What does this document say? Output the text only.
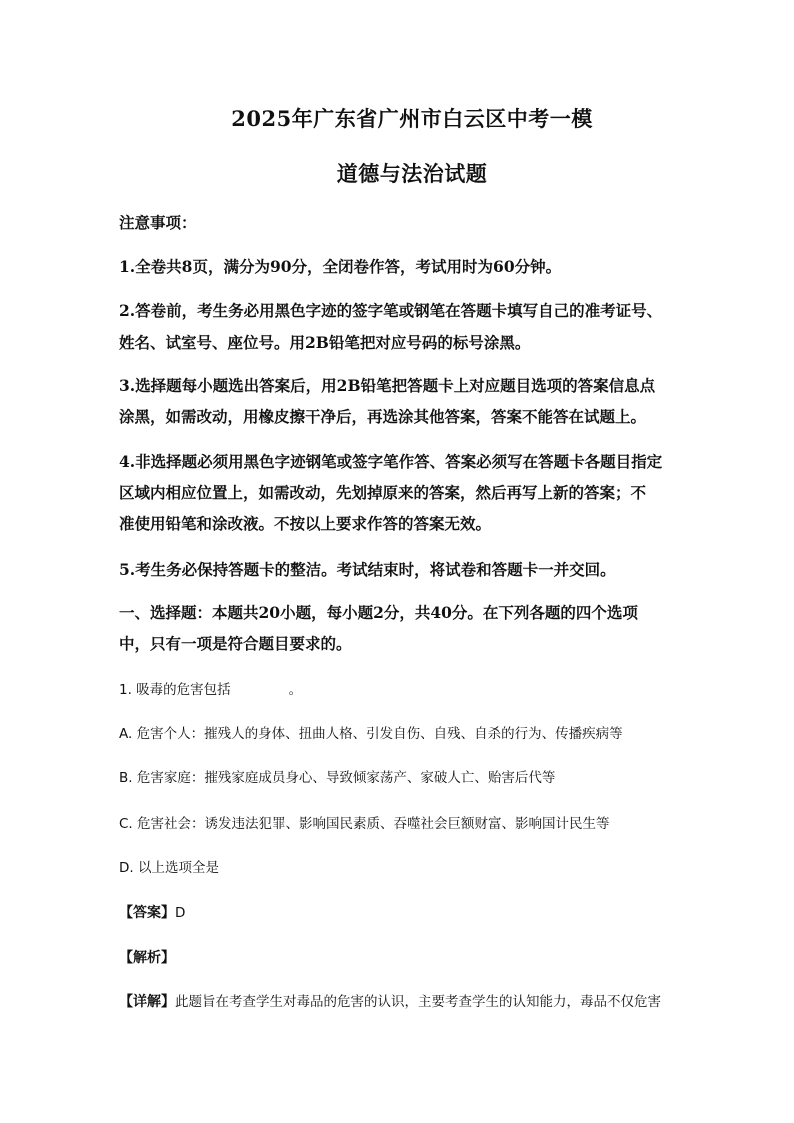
2025年广东省广州市白云区中考一模
道德与法治试题
注意事项：
1.全卷共8页，满分为90分，全闭卷作答，考试用时为60分钟。
2.答卷前，考生务必用黑色字迹的签字笔或钢笔在答题卡填写自己的准考证号、
姓名、试室号、座位号。用2B铅笔把对应号码的标号涂黑。
3.选择题每小题选出答案后，用2B铅笔把答题卡上对应题目选项的答案信息点
涂黑，如需改动，用橡皮擦干净后，再选涂其他答案，答案不能答在试题上。
4.非选择题必须用黑色字迹钢笔或签字笔作答、答案必须写在答题卡各题目指定
区域内相应位置上，如需改动，先划掉原来的答案，然后再写上新的答案；不
准使用铅笔和涂改液。不按以上要求作答的答案无效。
5.考生务必保持答题卡的整洁。考试结束时，将试卷和答题卡一并交回。
一、选择题：本题共20小题，每小题2分，共40分。在下列各题的四个选项
中，只有一项是符合题目要求的。
1. 吸毒的危害包括	。
A. 危害个人：摧残人的身体、扭曲人格、引发自伤、自残、自杀的行为、传播疾病等
B. 危害家庭：摧残家庭成员身心、导致倾家荡产、家破人亡、贻害后代等
C. 危害社会：诱发违法犯罪、影响国民素质、吞噬社会巨额财富、影响国计民生等
D. 以上选项全是
【答案】D
【解析】
【详解】此题旨在考查学生对毒品的危害的认识，主要考查学生的认知能力，毒品不仅危害
